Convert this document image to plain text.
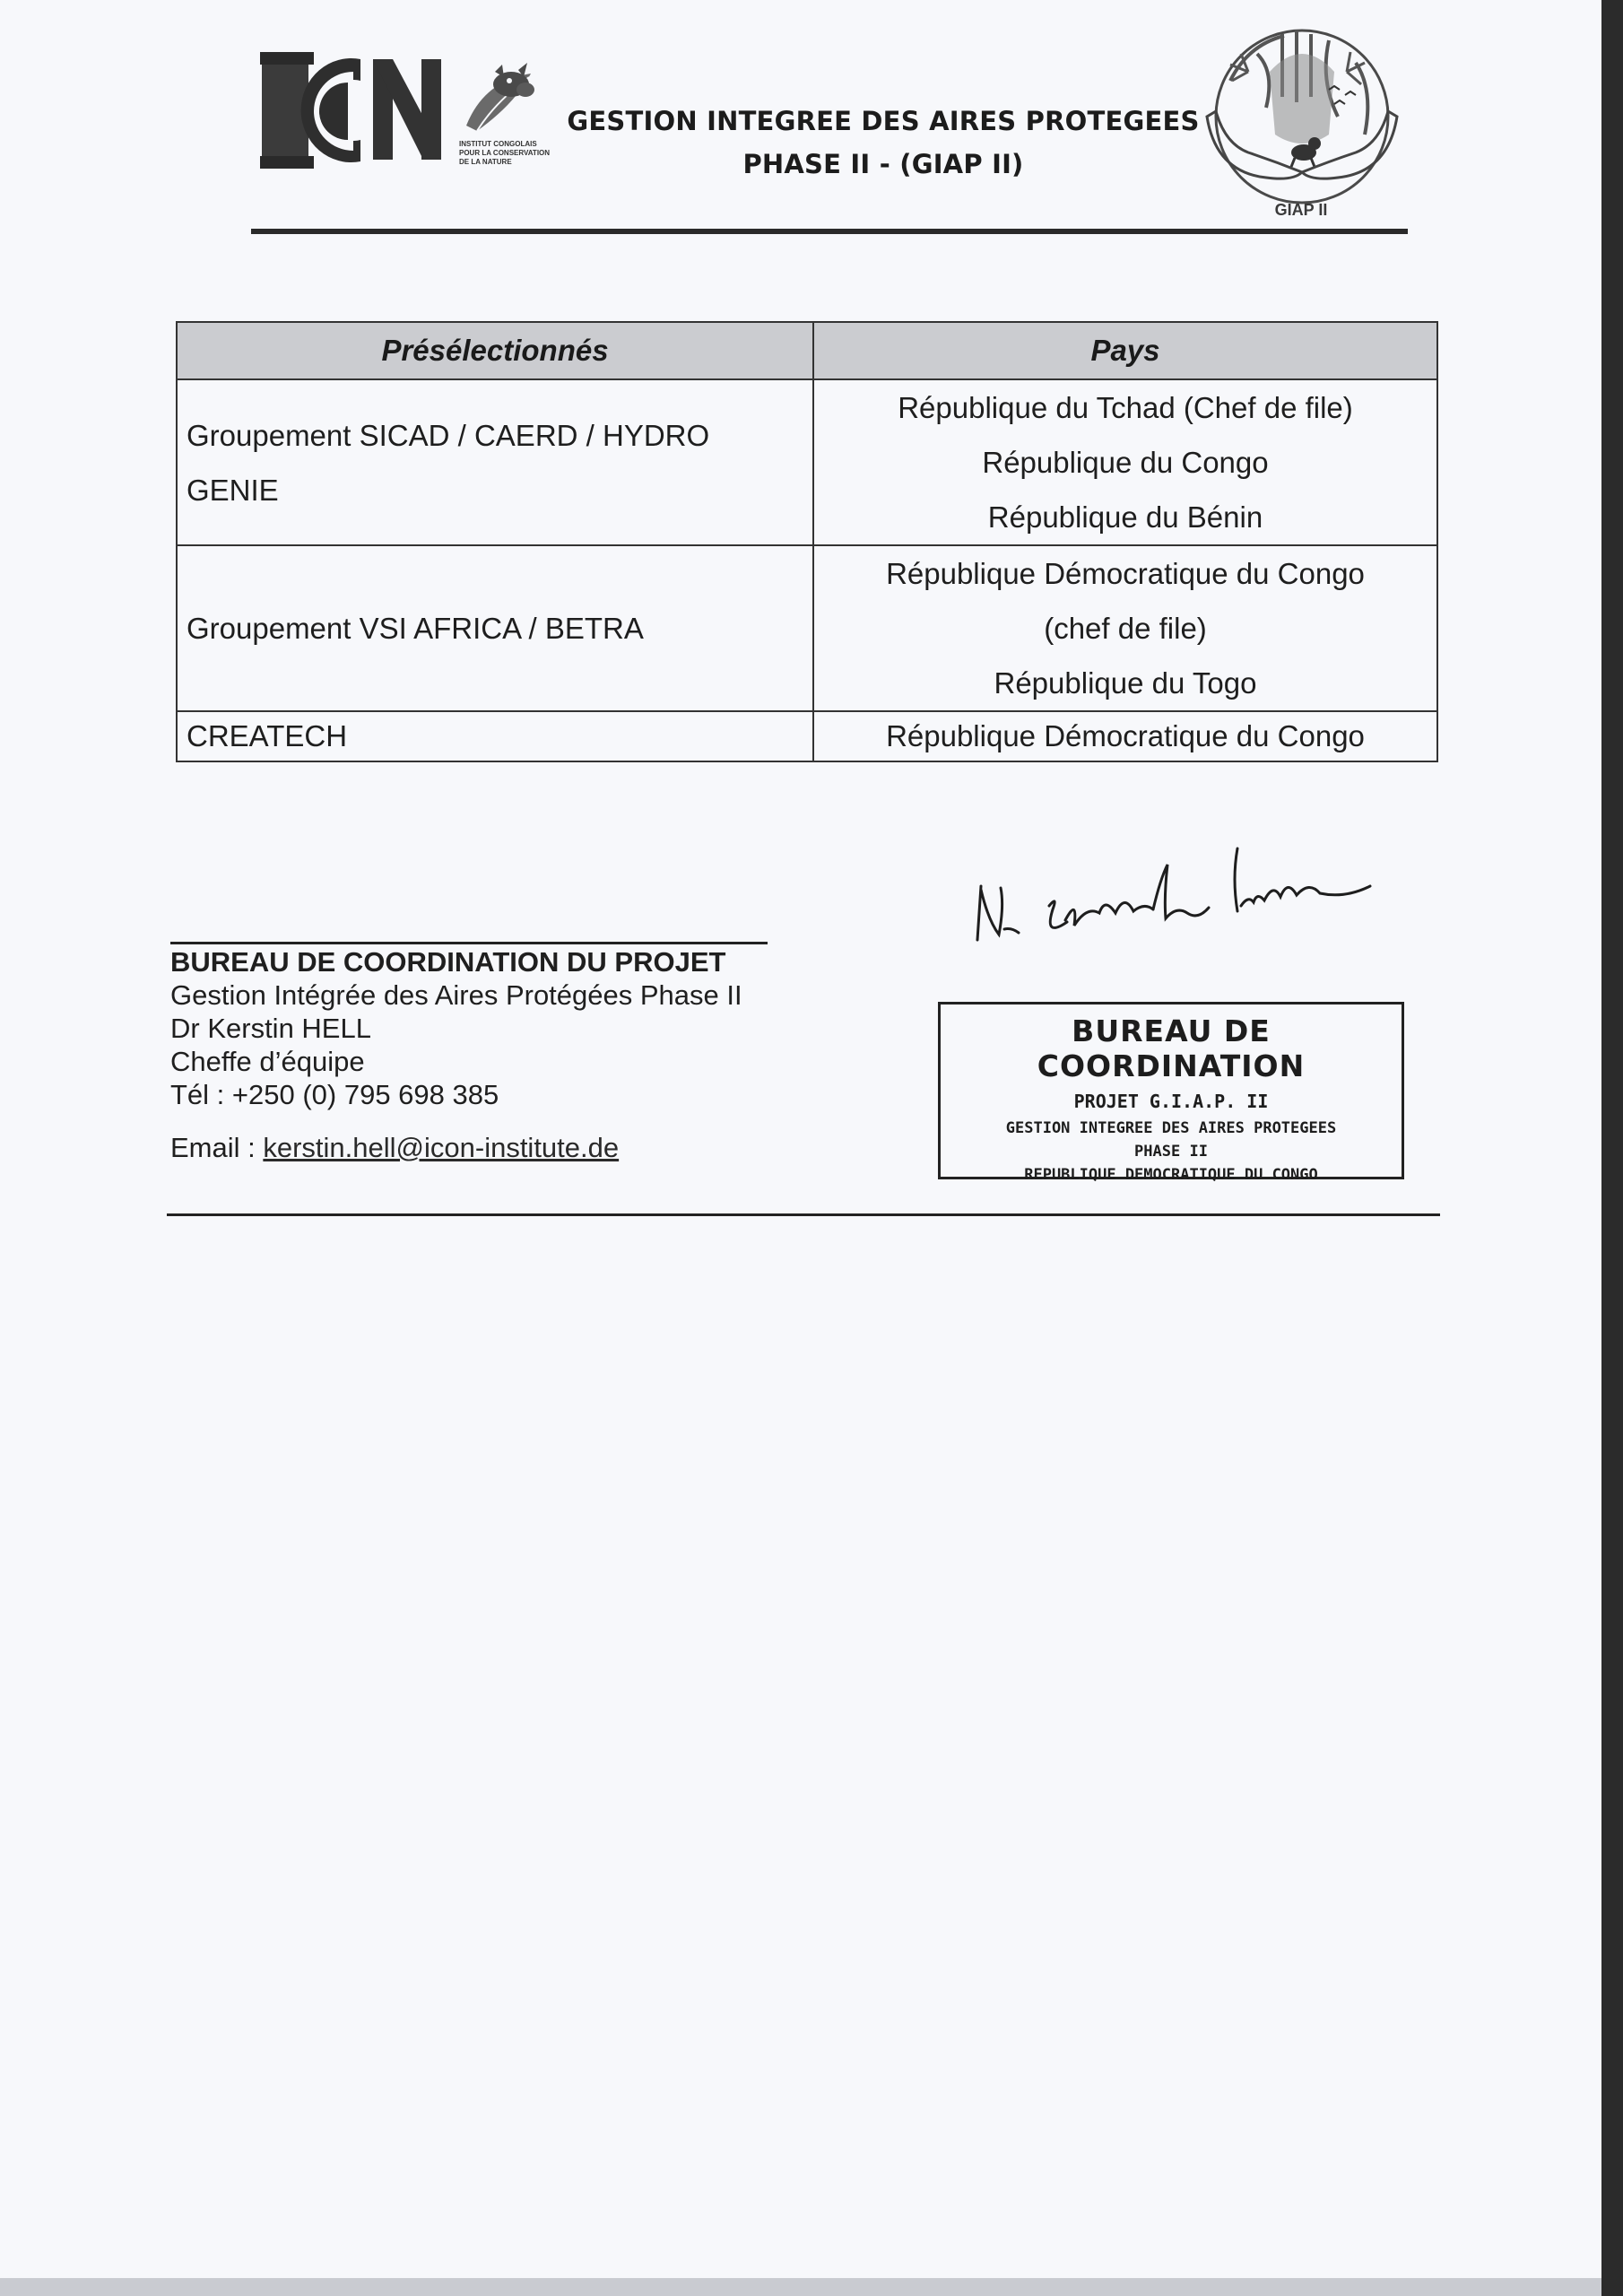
INSTITUT CONGOLAIS
POUR LA CONSERVATION
DE LA NATURE
GESTION INTEGREE DES AIRES PROTEGEES
PHASE II - (GIAP II)
GIAP II
Présélectionnés	Pays
Groupement SICAD / CAERD / HYDRO GENIE	République du Tchad (Chef de file)
République du Congo
République du Bénin

Groupement VSI AFRICA / BETRA	République Démocratique du Congo
(chef de file)
République du Togo

CREATECH	République Démocratique du Congo
BUREAU DE COORDINATION
PROJET G.I.A.P. II
GESTION INTEGREE DES AIRES PROTEGEES
PHASE II
REPUBLIQUE DEMOCRATIQUE DU CONGO
BUREAU DE COORDINATION DU PROJET
Gestion Intégrée des Aires Protégées Phase II
Dr Kerstin HELL
Cheffe d’équipe
Tél : +250 (0) 795 698 385
Email : kerstin.hell@icon-institute.de
